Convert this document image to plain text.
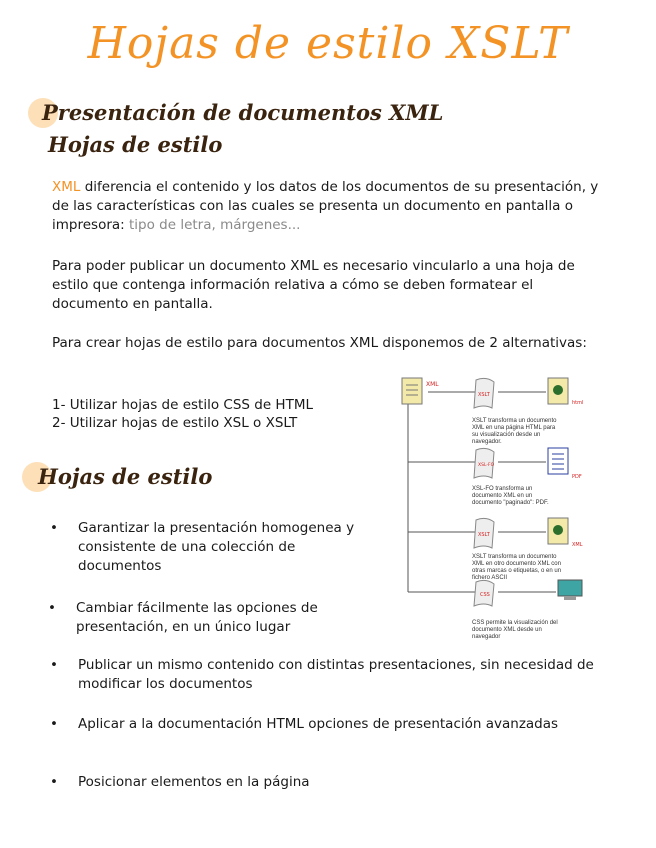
Hojas de estilo XSLT
Presentación de documentos XML
Hojas de estilo
XML diferencia el contenido y los datos de los documentos de su presentación, y de las características con las cuales se presenta un documento en pantalla o impresora: tipo de letra, márgenes...
Para poder publicar un documento XML es necesario vincularlo a una hoja de estilo que contenga información relativa a cómo se deben formatear el documento en pantalla.
Para crear hojas de estilo para documentos XML disponemos de 2 alternativas:
1- Utilizar hojas de estilo CSS de HTML
2- Utilizar hojas de estilo XSL o XSLT
Hojas de estilo
• Garantizar la presentación homogenea y consistente de una colección de documentos
• Cambiar fácilmente las opciones de presentación, en un único lugar
• Publicar un mismo contenido con distintas presentaciones, sin necesidad de modificar los documentos
• Aplicar a la documentación HTML opciones de presentación avanzadas
• Posicionar elementos en la página
XML
XSLT
XSL-FO
XSLT
CSS
html
PDF
XML
XSLT transforma un documento XML en una página HTML para su visualización desde un navegador.
XSL-FO transforma un documento XML en un documento "paginado": PDF.
XSLT transforma un documento XML en otro documento XML con otras marcas o etiquetas, o en un fichero ASCII
CSS permite la visualización del documento XML desde un navegador
